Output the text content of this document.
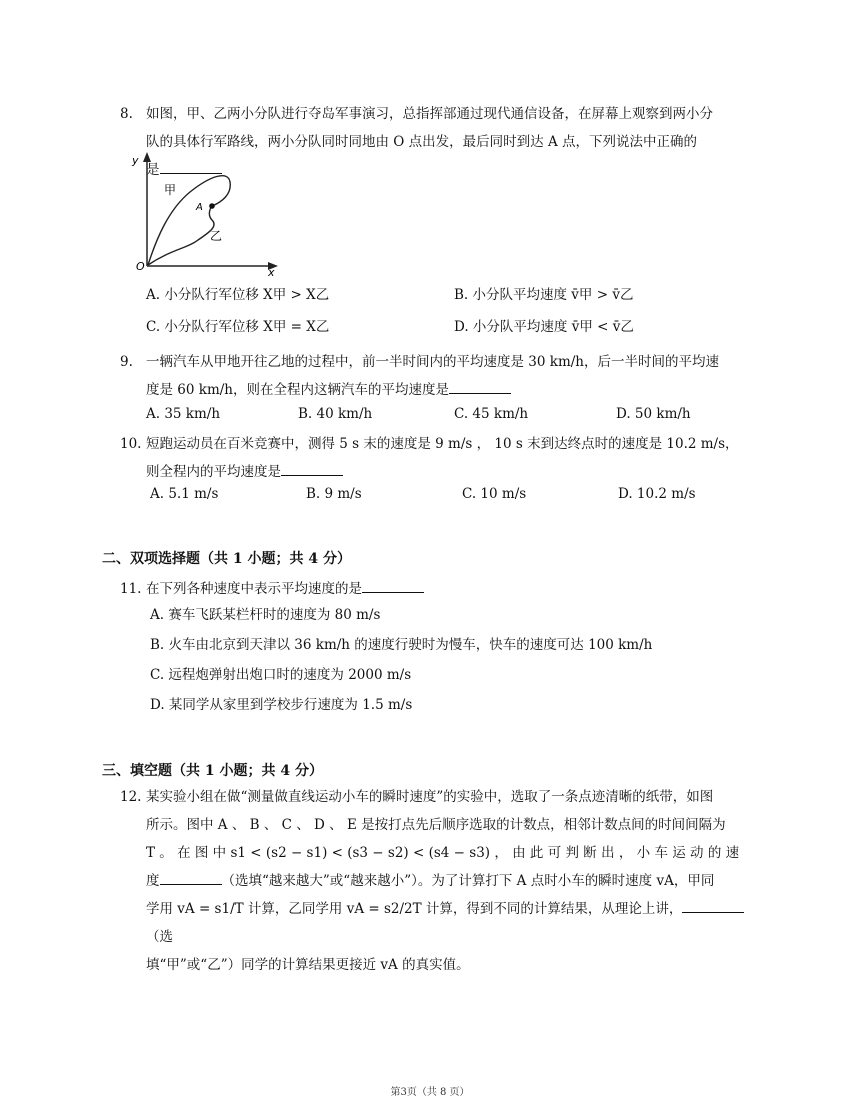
8. 如图，甲、乙两小分队进行夺岛军事演习，总指挥部通过现代通信设备，在屏幕上观察到两小分
队的具体行军路线，两小分队同时同地由 O 点出发，最后同时到达 A 点，下列说法中正确的
是
y
x
O
A
甲
乙
A. 小分队行军位移 X甲 > X乙	B. 小分队平均速度 v̄甲 > v̄乙
C. 小分队行军位移 X甲 = X乙	D. 小分队平均速度 v̄甲 < v̄乙
9. 一辆汽车从甲地开往乙地的过程中，前一半时间内的平均速度是 30 km/h，后一半时间的平均速
度是 60 km/h，则在全程内这辆汽车的平均速度是
A. 35 km/h	B. 40 km/h	C. 45 km/h	D. 50 km/h
10. 短跑运动员在百米竞赛中，测得 5 s 末的速度是 9 m/s ， 10 s 末到达终点时的速度是 10.2 m/s，
则全程内的平均速度是
A. 5.1 m/s	B. 9 m/s	C. 10 m/s	D. 10.2 m/s
二、双项选择题（共 1 小题；共 4 分）
11. 在下列各种速度中表示平均速度的是
A. 赛车飞跃某栏杆时的速度为 80 m/s
B. 火车由北京到天津以 36 km/h 的速度行驶时为慢车，快车的速度可达 100 km/h
C. 远程炮弹射出炮口时的速度为 2000 m/s
D. 某同学从家里到学校步行速度为 1.5 m/s
三、填空题（共 1 小题；共 4 分）
12. 某实验小组在做“测量做直线运动小车的瞬时速度”的实验中，选取了一条点迹清晰的纸带，如图
所示。图中 A 、 B 、 C 、 D 、 E 是按打点先后顺序选取的计数点，相邻计数点间的时间间隔为
T 。 在 图 中 s1 < (s2 − s1) < (s3 − s2) < (s4 − s3) ， 由 此 可 判 断 出 ， 小 车 运 动 的 速
度	（选填“越来越大”或“越来越小”）。为了计算打下 A 点时小车的瞬时速度 vA，甲同
学用 vA = s1/T 计算，乙同学用 vA = s2/2T 计算，得到不同的计算结果，从理论上讲，（选
填“甲”或“乙”）同学的计算结果更接近 vA 的真实值。
第3页（共 8 页）
